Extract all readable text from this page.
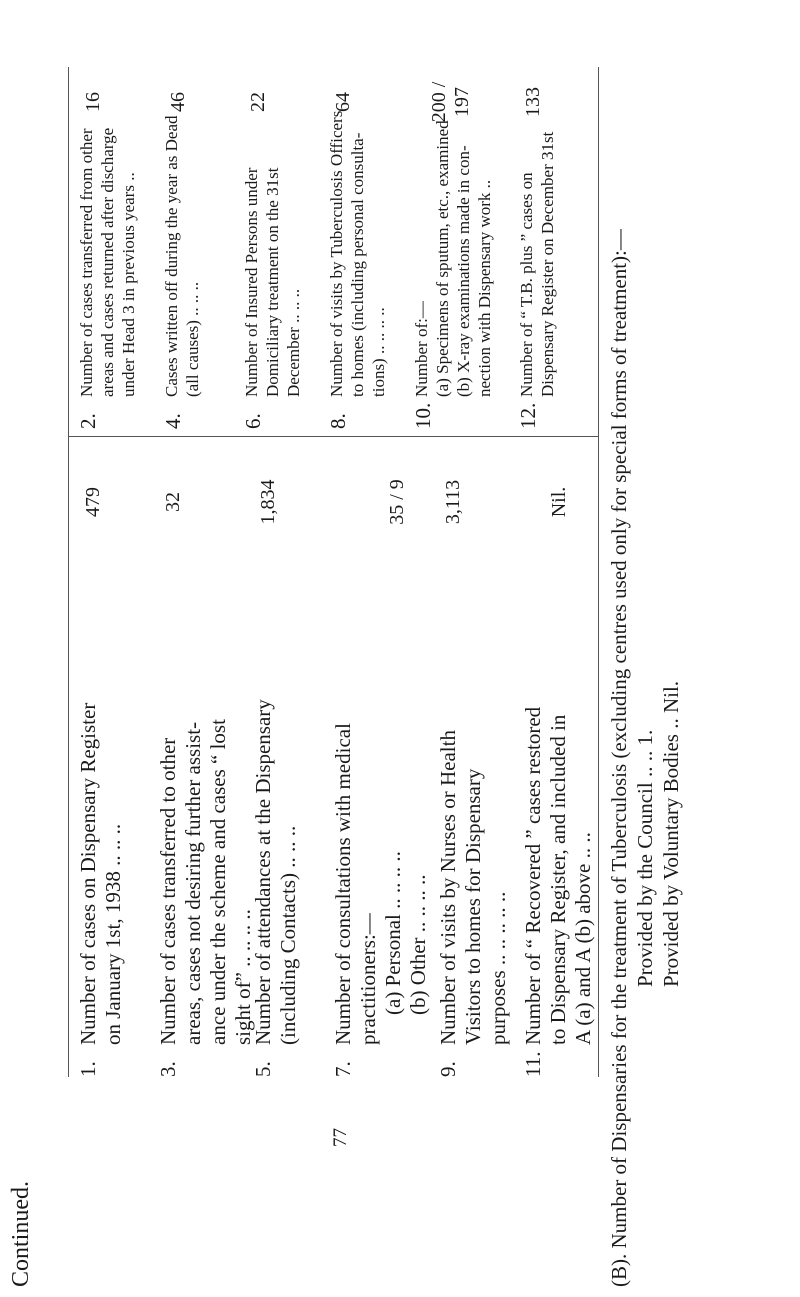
Continued.
1.
Number of cases on Dispensary Register on January 1st, 1938 .. .. ..
479
3.
Number of cases transferred to other areas, cases not desiring further assist- ance under the scheme and cases “ lost sight of” .. .. .. ..
32
5.
Number of attendances at the Dispensary (including Contacts) .. .. ..
1,834
7.
Number of consultations with medical practitioners:— (a) Personal .. .. .. .. (b) Other .. .. .. ..
35 / 9
9.
Number of visits by Nurses or Health Visitors to homes for Dispensary purposes .. .. .. .. ..
3,113
11.
Number of “ Recovered ” cases restored to Dispensary Register, and included in A (a) and A (b) above .. ..
Nil.
2.
Number of cases transferred from other areas and cases returned after discharge under Head 3 in previous years ..
16
4.
Cases written off during the year as Dead (all causes) .. .. ..
46
6.
Number of Insured Persons under Domiciliary treatment on the 31st December .. .. ..
22
8.
Number of visits by Tuberculosis Officers to homes (including personal consulta- tions) .. .. .. ..
64
10.
Number of:— (a) Specimens of sputum, etc., examined (b) X-ray examinations made in con- nection with Dispensary work ..
200 / 197
12.
Number of “ T.B. plus ” cases on Dispensary Register on December 31st
133
77	(B). Number of Dispensaries for the treatment of Tuberculosis (excluding centres used only for special forms of treatment):— Provided by the Council .. .. 1. Provided by Voluntary Bodies .. Nil.
